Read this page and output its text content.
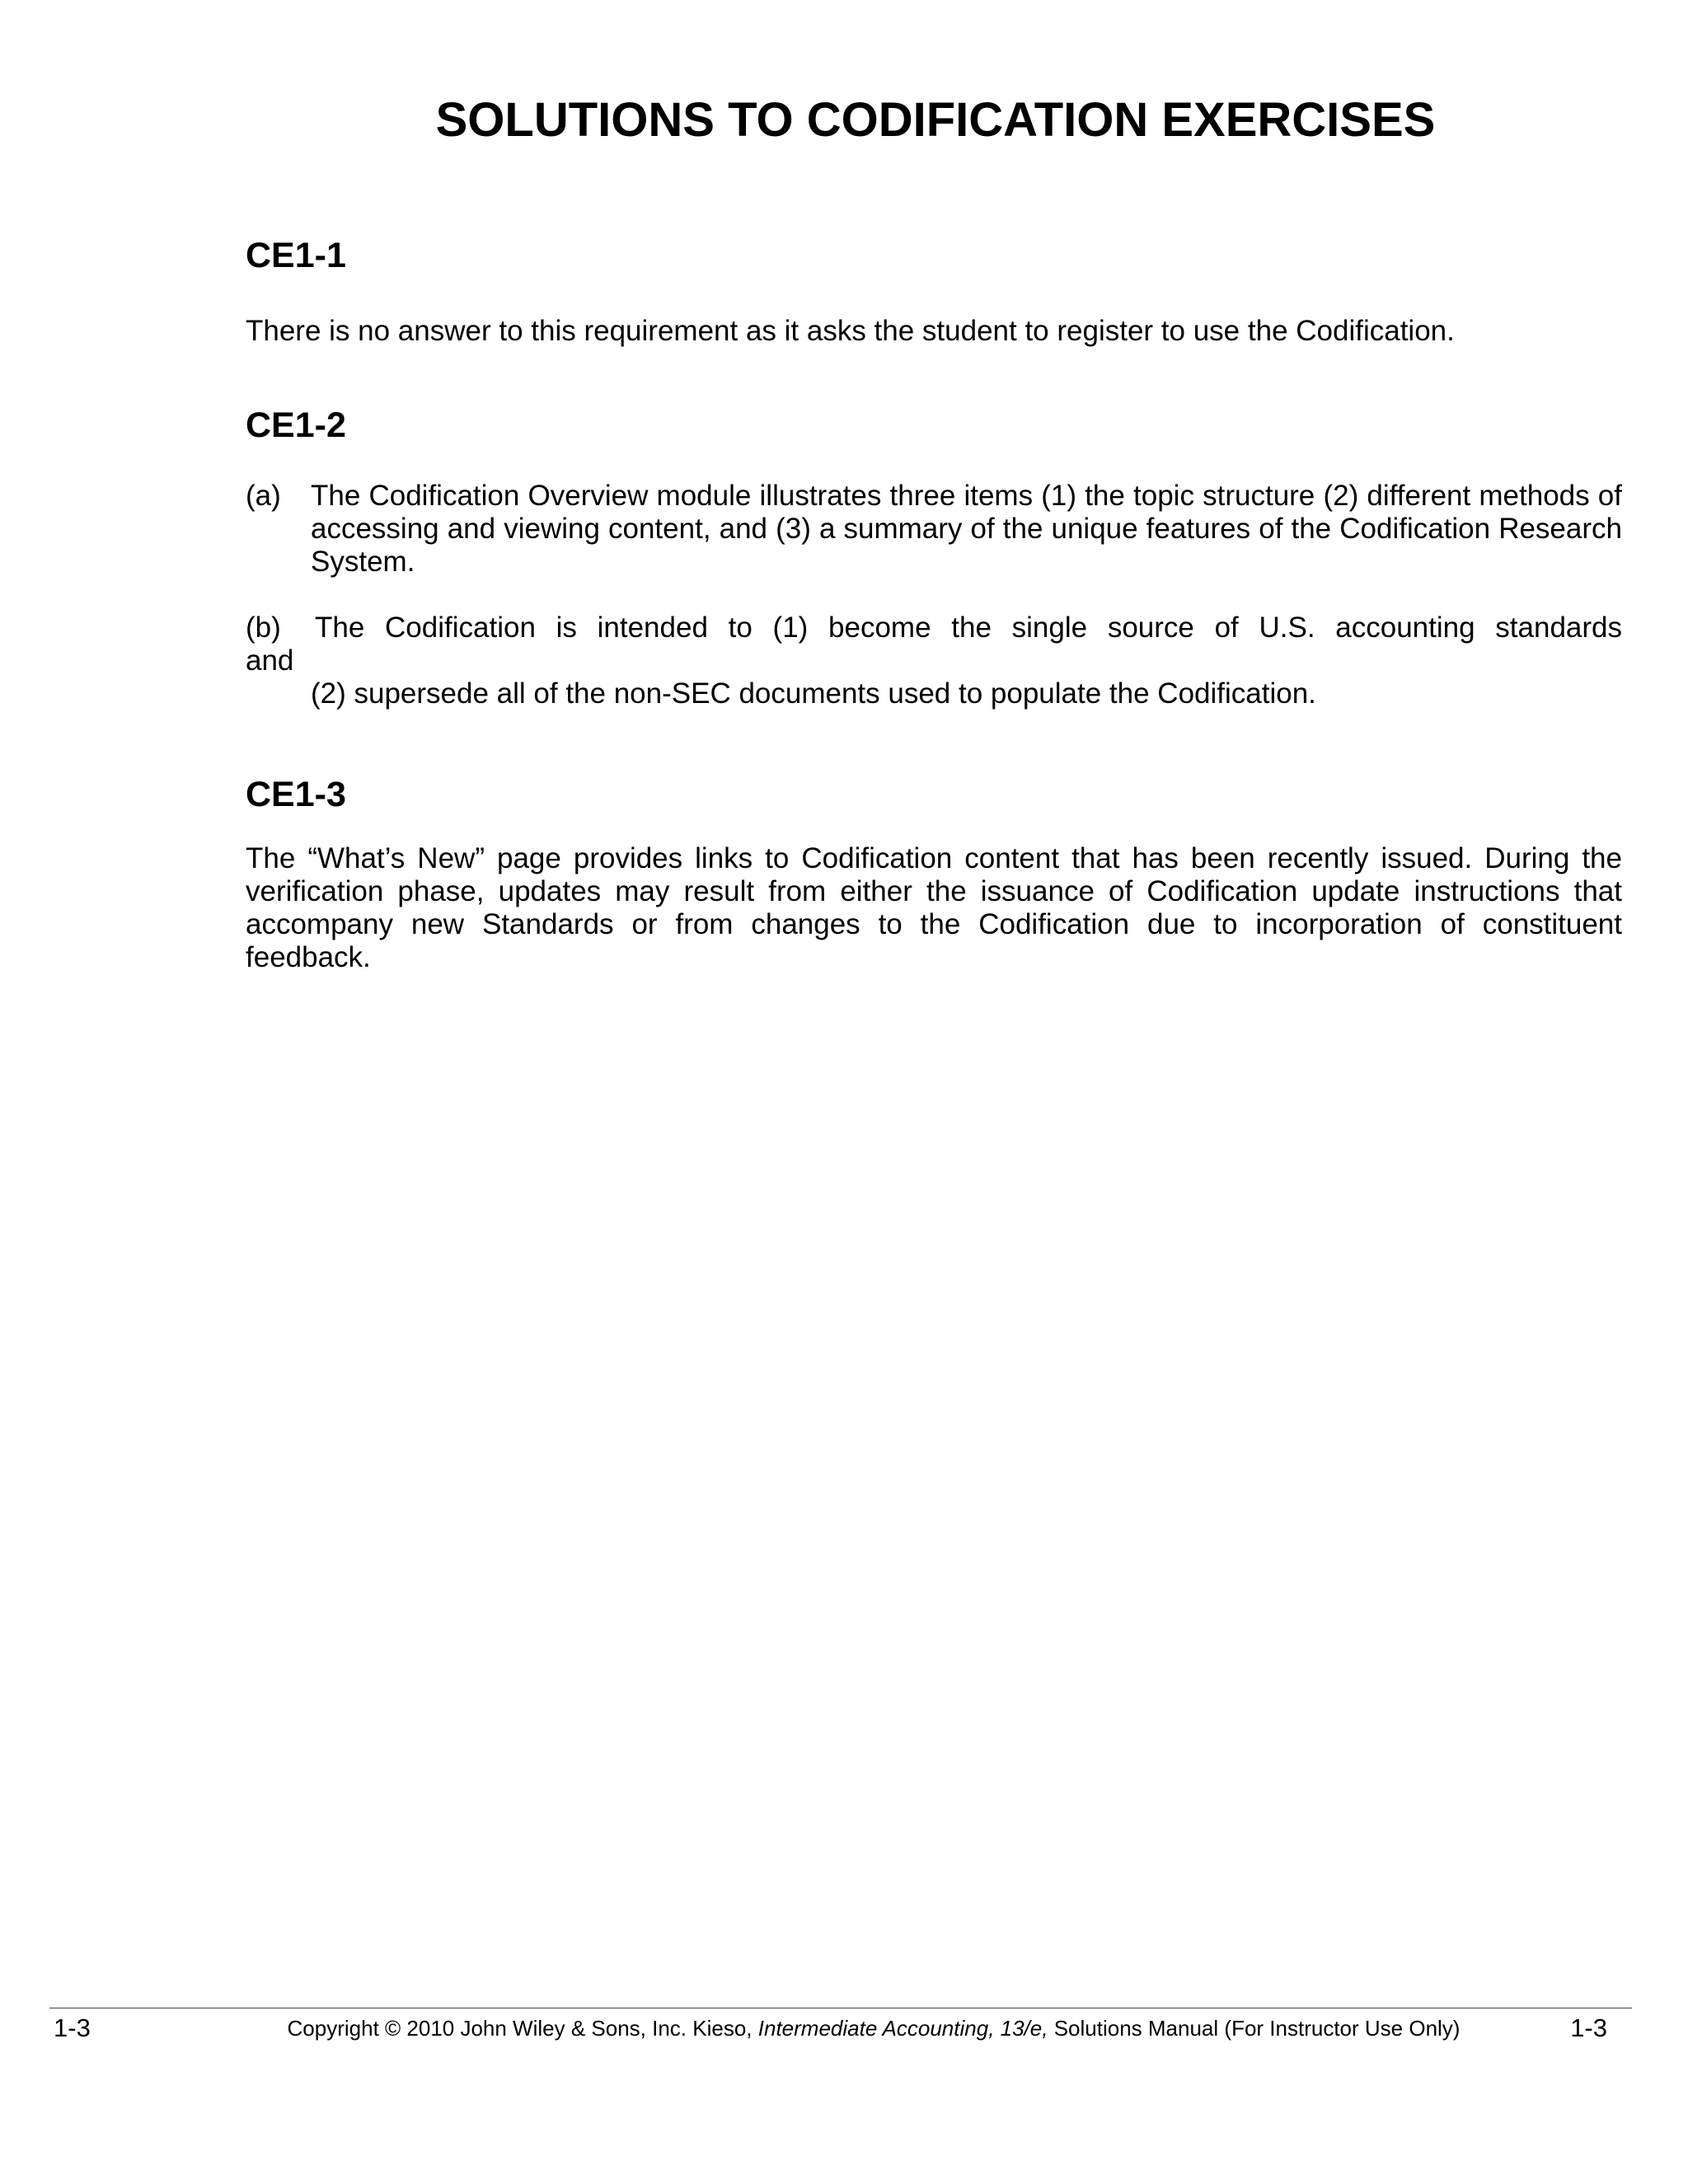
SOLUTIONS TO CODIFICATION EXERCISES
CE1-1

There is no answer to this requirement as it asks the student to register to use the Codification.

CE1-2
(a) The Codification Overview module illustrates three items (1) the topic structure (2) different methods of accessing and viewing content, and (3) a summary of the unique features of the Codification Research System.
(b)	The Codification is intended to (1) become the single source of U.S. accounting standards
and
(2) supersede all of the non-SEC documents used to populate the Codification.
CE1-3

The “What’s New” page provides links to Codification content that has been recently issued. During the verification phase, updates may result from either the issuance of Codification update instructions that accompany new Standards or from changes to the Codification due to incorporation of constituent feedback.

1-3	Copyright © 2010 John Wiley & Sons, Inc. Kieso, Intermediate Accounting, 13/e, Solutions Manual (For Instructor Use Only)	1-3
